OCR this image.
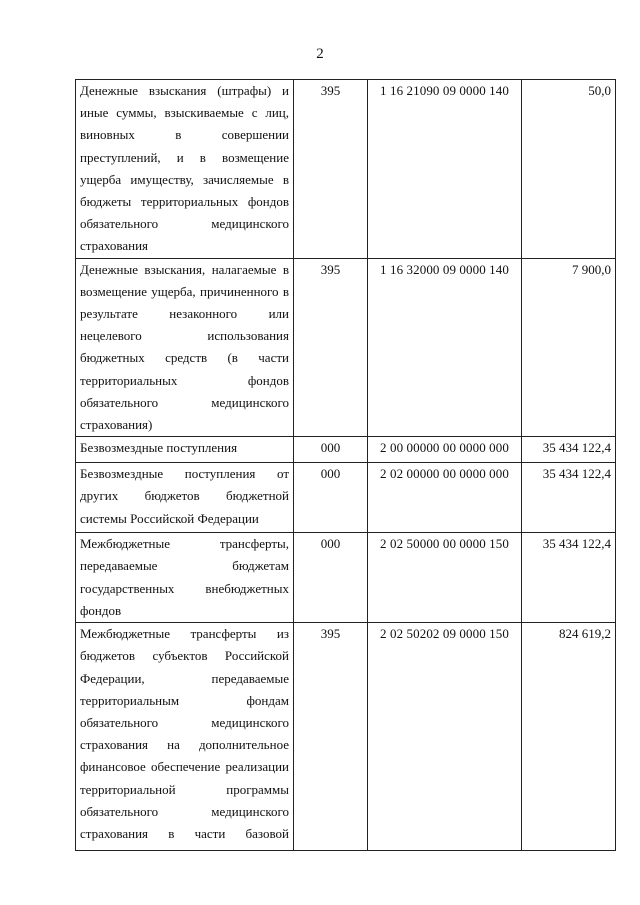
2
Денежные взыскания (штрафы) и иные суммы, взыскиваемые с лиц, виновных в совершении преступлений, и в возмещение ущерба имуществу, зачисляемые в бюджеты территориальных фондов обязательного медицинского страхования	395	1 16 21090 09 0000 140	50,0

Денежные взыскания, налагаемые в возмещение ущерба, причиненного в результате незаконного или нецелевого использования бюджетных средств (в части территориальных фондов обязательного медицинского страхования)	395	1 16 32000 09 0000 140	7 900,0

Безвозмездные поступления	000	2 00 00000 00 0000 000	35 434 122,4

Безвозмездные поступления от других бюджетов бюджетной системы Российской Федерации	000	2 02 00000 00 0000 000	35 434 122,4

Межбюджетные трансферты, передаваемые бюджетам государственных внебюджетных фондов	000	2 02 50000 00 0000 150	35 434 122,4

Межбюджетные трансферты из бюджетов субъектов Российской Федерации, передаваемые территориальным фондам обязательного медицинского страхования на дополнительное финансовое обеспечение реализации территориальной программы обязательного медицинского страхования в части базовой	395	2 02 50202 09 0000 150	824 619,2
